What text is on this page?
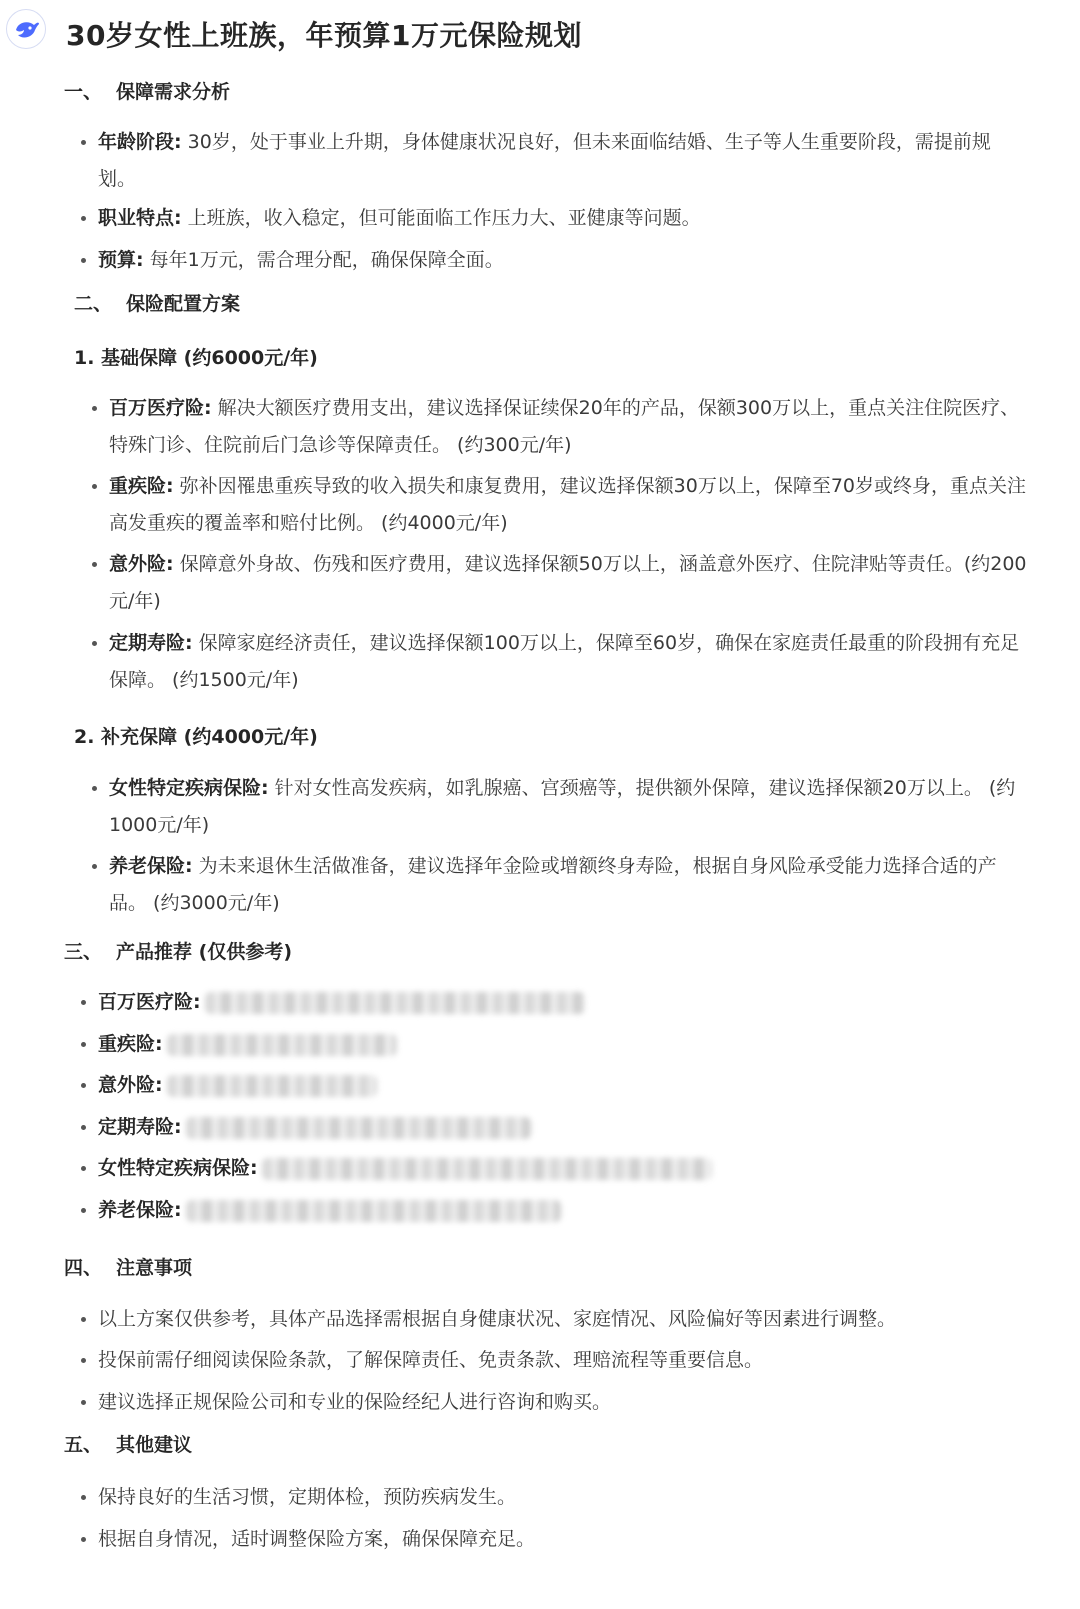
30岁女性上班族，年预算1万元保险规划
一、 保障需求分析
年龄阶段: 30岁，处于事业上升期，身体健康状况良好，但未来面临结婚、生子等人生重要阶段，需提前规划。
职业特点: 上班族，收入稳定，但可能面临工作压力大、亚健康等问题。
预算: 每年1万元，需合理分配，确保保障全面。
二、 保险配置方案
1. 基础保障 (约6000元/年)
百万医疗险: 解决大额医疗费用支出，建议选择保证续保20年的产品，保额300万以上，重点关注住院医疗、特殊门诊、住院前后门急诊等保障责任。 (约300元/年)
重疾险: 弥补因罹患重疾导致的收入损失和康复费用，建议选择保额30万以上，保障至70岁或终身，重点关注高发重疾的覆盖率和赔付比例。 (约4000元/年)
意外险: 保障意外身故、伤残和医疗费用，建议选择保额50万以上，涵盖意外医疗、住院津贴等责任。(约200元/年)
定期寿险: 保障家庭经济责任，建议选择保额100万以上，保障至60岁，确保在家庭责任最重的阶段拥有充足保障。 (约1500元/年)
2. 补充保障 (约4000元/年)
女性特定疾病保险: 针对女性高发疾病，如乳腺癌、宫颈癌等，提供额外保障，建议选择保额20万以上。 (约1000元/年)
养老保险: 为未来退休生活做准备，建议选择年金险或增额终身寿险，根据自身风险承受能力选择合适的产品。 (约3000元/年)
三、 产品推荐 (仅供参考)
百万医疗险:
重疾险:
意外险:
定期寿险:
女性特定疾病保险:
养老保险:
四、 注意事项
以上方案仅供参考，具体产品选择需根据自身健康状况、家庭情况、风险偏好等因素进行调整。
投保前需仔细阅读保险条款，了解保障责任、免责条款、理赔流程等重要信息。
建议选择正规保险公司和专业的保险经纪人进行咨询和购买。
五、 其他建议
保持良好的生活习惯，定期体检，预防疾病发生。
根据自身情况，适时调整保险方案，确保保障充足。
